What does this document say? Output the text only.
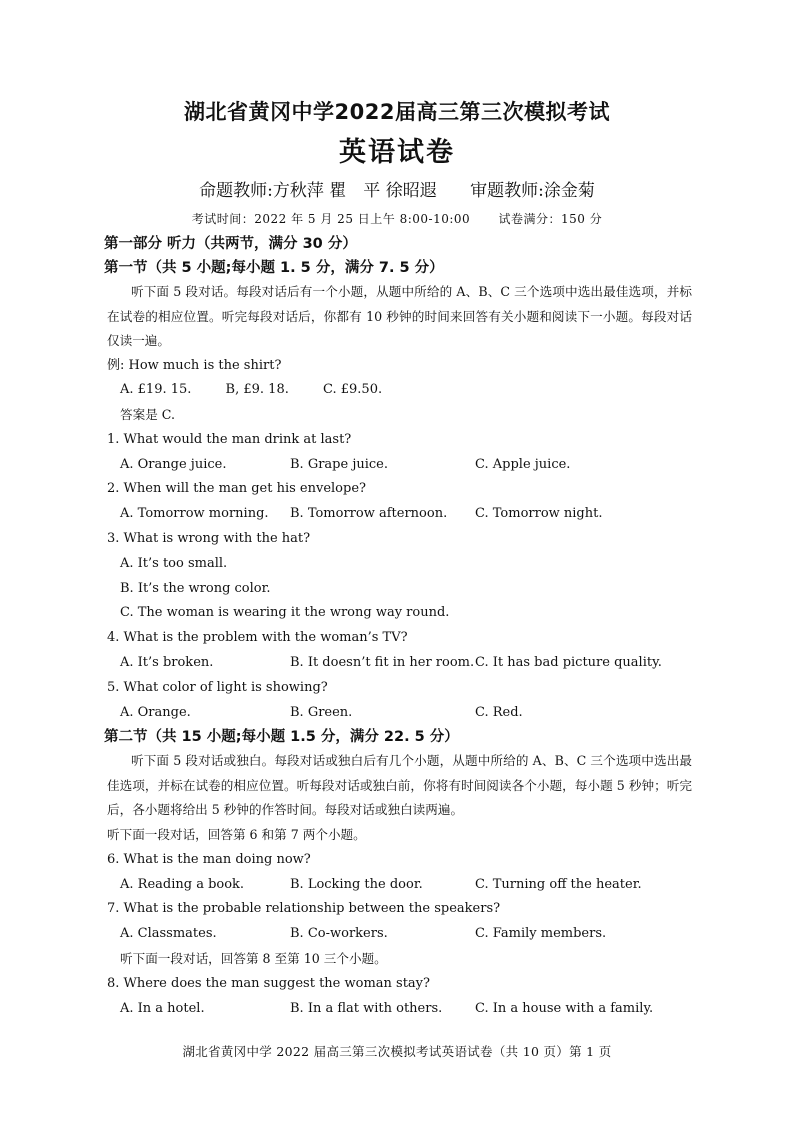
湖北省黄冈中学2022届高三第三次模拟考试
英语试卷
命题教师:方秋萍 瞿　平 徐昭遐 审题教师:涂金菊
考试时间：2022 年 5 月 25 日上午 8:00-10:00 试卷满分：150 分
第一部分 听力（共两节，满分 30 分）
第一节（共 5 小题;每小题 1. 5 分，满分 7. 5 分）
听下面 5 段对话。每段对话后有一个小题，从题中所给的 A、B、C 三个选项中选出最佳选项，并标在试卷的相应位置。听完每段对话后，你都有 10 秒钟的时间来回答有关小题和阅读下一小题。每段对话仅读一遍。
例: How much is the shirt?
A. £19. 15.	B, £9. 18.	C. £9.50.
答案是 C.
1. What would the man drink at last?
A. Orange juice.	B. Grape juice.	C. Apple juice.
2. When will the man get his envelope?
A. Tomorrow morning.	B. Tomorrow afternoon.	C. Tomorrow night.
3. What is wrong with the hat?
A. It’s too small.
B. It’s the wrong color.
C. The woman is wearing it the wrong way round.
4. What is the problem with the woman’s TV?
A. It’s broken.	B. It doesn’t fit in her room. C. It has bad picture quality.
5. What color of light is showing?
A. Orange.	B. Green.	C. Red.
第二节（共 15 小题;每小题 1.5 分，满分 22. 5 分）
听下面 5 段对话或独白。每段对话或独白后有几个小题，从题中所给的 A、B、C 三个选项中选出最佳选项，并标在试卷的相应位置。听每段对话或独白前，你将有时间阅读各个小题，每小题 5 秒钟；听完后，各小题将给出 5 秒钟的作答时间。每段对话或独白读两遍。
听下面一段对话，回答第 6 和第 7 两个小题。
6. What is the man doing now?
A. Reading a book.	B. Locking the door.	C. Turning off the heater.
7. What is the probable relationship between the speakers?
A. Classmates.	B. Co-workers.	C. Family members.
听下面一段对话，回答第 8 至第 10 三个小题。
8. Where does the man suggest the woman stay?
A. In a hotel.	B. In a flat with others.	C. In a house with a family.
湖北省黄冈中学 2022 届高三第三次模拟考试英语试卷（共 10 页）第 1 页
